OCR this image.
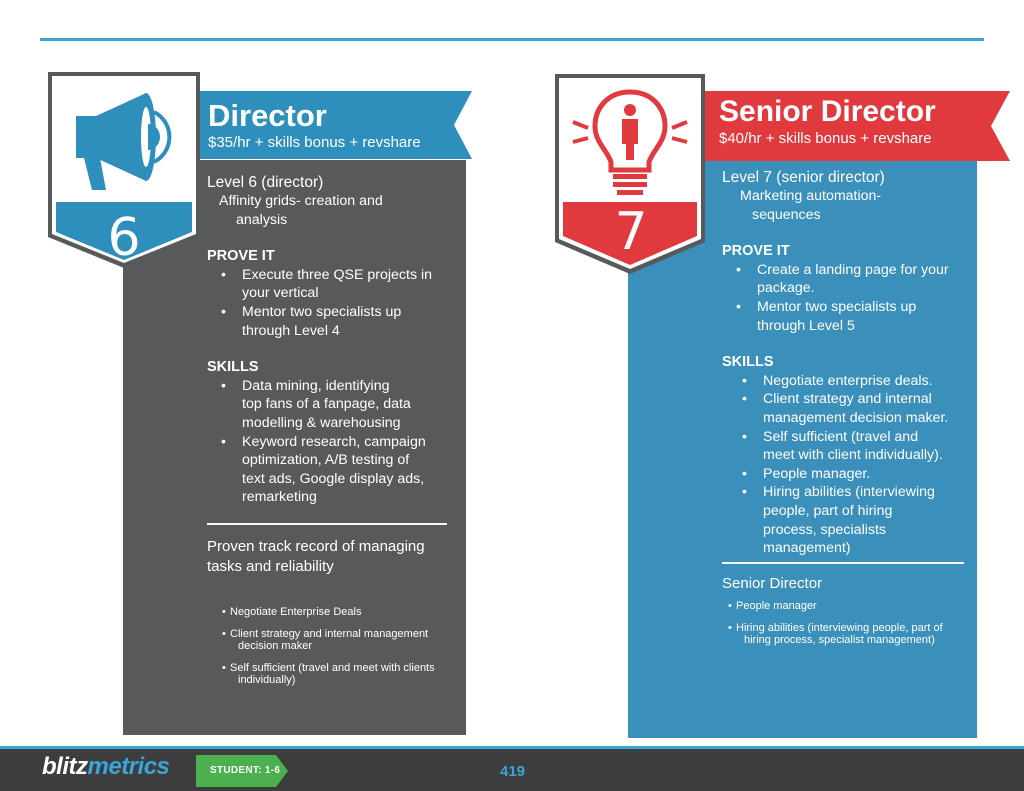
6
Director
$35/hr + skills bonus + revshare
Level 6 (director)
Affinity grids- creation and
analysis
PROVE IT
• Execute three QSE projects in
your vertical
• Mentor two specialists up
through Level 4
SKILLS
• Data mining, identifying
top fans of a fanpage, data
modelling & warehousing
• Keyword research, campaign
optimization, A/B testing of
text ads, Google display ads,
remarketing
Proven track record of managing
tasks and reliability
• Negotiate Enterprise Deals
• Client strategy and internal management
decision maker
• Self sufficient (travel and meet with clients
individually)
7
Senior Director
$40/hr + skills bonus + revshare
Level 7 (senior director)
Marketing automation-
sequences
PROVE IT
• Create a landing page for your
package.
• Mentor two specialists up
through Level 5
SKILLS
• Negotiate enterprise deals.
• Client strategy and internal
management decision maker.
• Self sufficient (travel and
meet with client individually).
• People manager.
• Hiring abilities (interviewing
people, part of hiring
process, specialists
management)
Senior Director
• People manager
• Hiring abilities (interviewing people, part of
hiring process, specialist management)
blitzmetrics	STUDENT: 1-6	419
